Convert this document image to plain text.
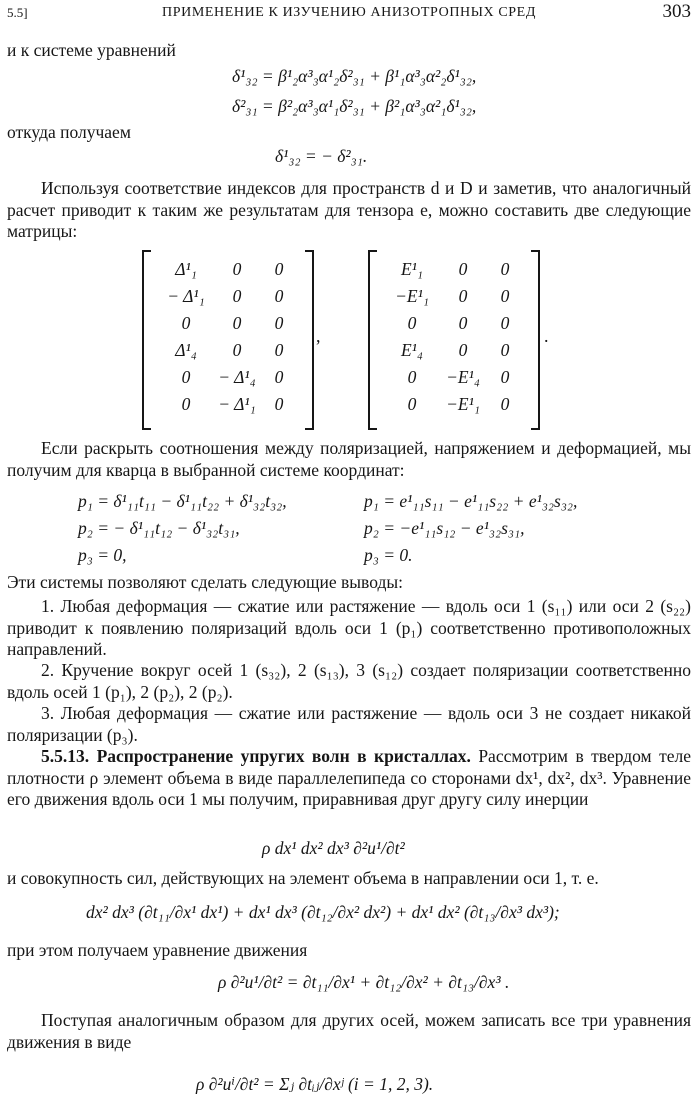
5.5]	ПРИМЕНЕНИЕ К ИЗУЧЕНИЮ АНИЗОТРОПНЫХ СРЕД	303
и к системе уравнений
δ¹₃₂ = β¹₂α³₃α¹₂δ²₃₁ + β¹₁α³₃α²₂δ¹₃₂,
δ²₃₁ = β²₂α³₃α¹₁δ²₃₁ + β²₁α³₃α²₁δ¹₃₂,
откуда получаем
δ¹₃₂ = − δ²₃₁.
Используя соответствие индексов для пространств d и D и заметив, что аналогичный расчет приводит к таким же результатам для тензора e, можно составить две следующие матрицы:
Δ¹₁	0	0
− Δ¹₁	0	0
0	0	0
Δ¹₄	0	0
0	− Δ¹₄	0
0	− Δ¹₁	0
,
E¹₁	0	0
−E¹₁	0	0
0	0	0
E¹₄	0	0
0	−E¹₄	0
0	−E¹₁	0
.
Если раскрыть соотношения между поляризацией, напряжением и деформацией, мы получим для кварца в выбранной системе координат:
p₁ = δ¹₁₁t₁₁ − δ¹₁₁t₂₂ + δ¹₃₂t₃₂,
p₂ = − δ¹₁₁t₁₂ − δ¹₃₂t₃₁,
p₃ = 0,
p₁ = e¹₁₁s₁₁ − e¹₁₁s₂₂ + e¹₃₂s₃₂,
p₂ = −e¹₁₁s₁₂ − e¹₃₂s₃₁,
p₃ = 0.
Эти системы позволяют сделать следующие выводы:
1. Любая деформация — сжатие или растяжение — вдоль оси 1 (s₁₁) или оси 2 (s₂₂) приводит к появлению поляризаций вдоль оси 1 (p₁) соответственно противоположных направлений.
2. Кручение вокруг осей 1 (s₃₂), 2 (s₁₃), 3 (s₁₂) создает поляризации соответственно вдоль осей 1 (p₁), 2 (p₂), 2 (p₂).
3. Любая деформация — сжатие или растяжение — вдоль оси 3 не создает никакой поляризации (p₃).
5.5.13. Распространение упругих волн в кристаллах. Рассмотрим в твердом теле плотности ρ элемент объема в виде параллелепипеда со сторонами dx¹, dx², dx³. Уравнение его движения вдоль оси 1 мы получим, приравнивая друг другу силу инерции
ρ dx¹ dx² dx³ ∂²u¹/∂t²
и совокупность сил, действующих на элемент объема в направлении оси 1, т. е.
dx² dx³ (∂t₁₁/∂x¹ dx¹) + dx¹ dx³ (∂t₁₂/∂x² dx²) + dx¹ dx² (∂t₁₃/∂x³ dx³);
при этом получаем уравнение движения
ρ ∂²u¹/∂t² = ∂t₁₁/∂x¹ + ∂t₁₂/∂x² + ∂t₁₃/∂x³ .
Поступая аналогичным образом для других осей, можем записать все три уравнения движения в виде
ρ ∂²uⁱ/∂t² = Σⱼ ∂tᵢⱼ/∂xʲ (i = 1, 2, 3).
